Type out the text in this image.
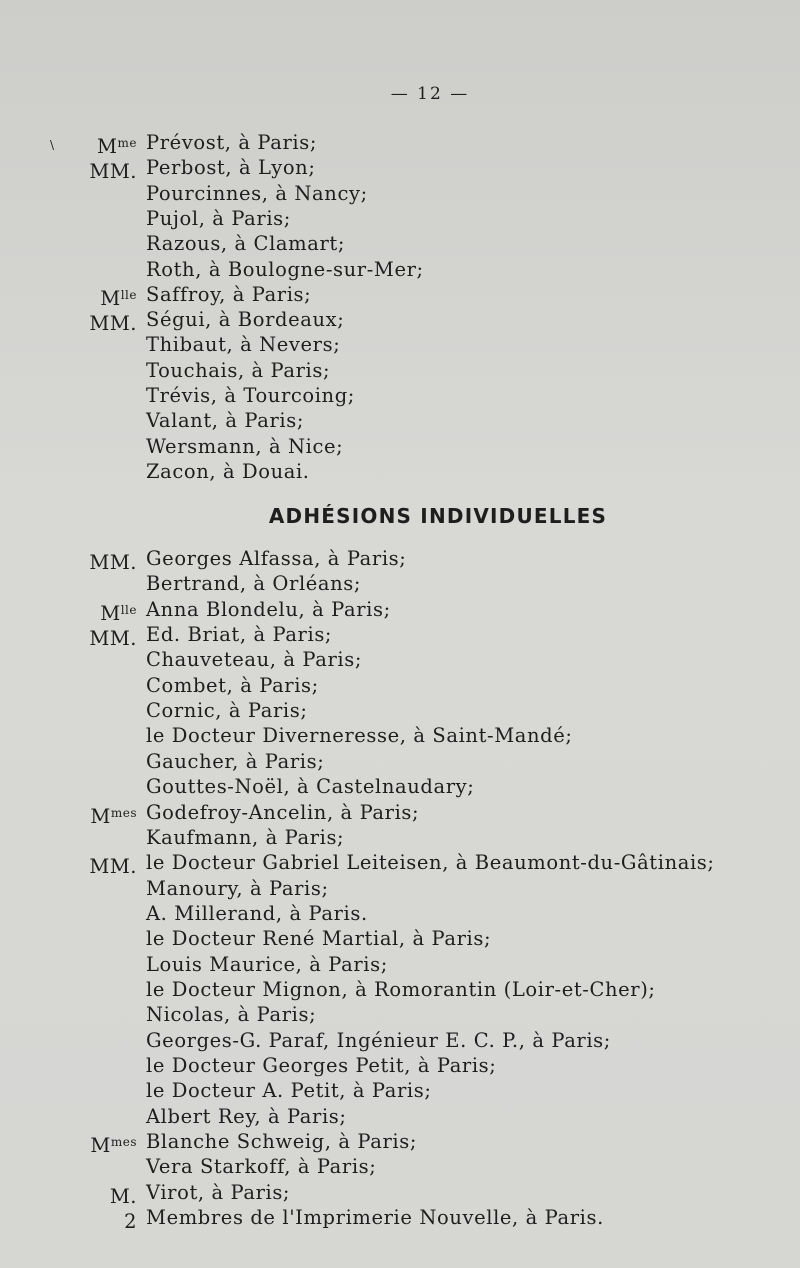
— 12 —
\ $M^{me}$ Prévost, à Paris;
MM. Perbost, à Lyon;
Pourcinnes, à Nancy;
Pujol, à Paris;
Razous, à Clamart;
Roth, à Boulogne-sur-Mer;
$M^{lle}$ Saffroy, à Paris;
MM. Ségui, à Bordeaux;
Thibaut, à Nevers;
Touchais, à Paris;
Trévis, à Tourcoing;
Valant, à Paris;
Wersmann, à Nice;
Zacon, à Douai.
ADHÉSIONS INDIVIDUELLES
MM. Georges Alfassa, à Paris;
Bertrand, à Orléans;
$M^{lle}$ Anna Blondelu, à Paris;
MM. Ed. Briat, à Paris;
Chauveteau, à Paris;
Combet, à Paris;
Cornic, à Paris;
le Docteur Diverneresse, à Saint-Mandé;
Gaucher, à Paris;
Gouttes-Noël, à Castelnaudary;
$M^{mes}$ Godefroy-Ancelin, à Paris;
Kaufmann, à Paris;
MM. le Docteur Gabriel Leiteisen, à Beaumont-du-Gâtinais;
Manoury, à Paris;
A. Millerand, à Paris.
le Docteur René Martial, à Paris;
Louis Maurice, à Paris;
le Docteur Mignon, à Romorantin (Loir-et-Cher);
Nicolas, à Paris;
Georges-G. Paraf, Ingénieur E. C. P., à Paris;
le Docteur Georges Petit, à Paris;
le Docteur A. Petit, à Paris;
Albert Rey, à Paris;
$M^{mes}$ Blanche Schweig, à Paris;
Vera Starkoff, à Paris;
M. Virot, à Paris;
2 Membres de l'Imprimerie Nouvelle, à Paris.
